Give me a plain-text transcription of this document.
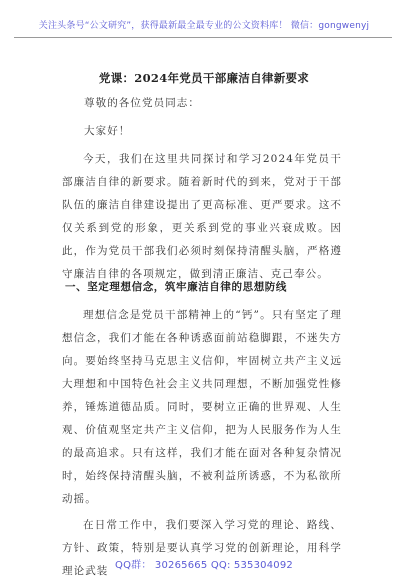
关注头条号“公文研究”，获得最新最全最专业的公文资料库！ 微信：gongwenyj
党课：2024年党员干部廉洁自律新要求
尊敬的各位党员同志：
大家好！
今天，我们在这里共同探讨和学习2024年党员干部廉洁自律的新要求。随着新时代的到来，党对于干部队伍的廉洁自律建设提出了更高标准、更严要求。这不仅关系到党的形象，更关系到党的事业兴衰成败。因此，作为党员干部我们必须时刻保持清醒头脑，严格遵守廉洁自律的各项规定，做到清正廉洁、克己奉公。
一、坚定理想信念，筑牢廉洁自律的思想防线
理想信念是党员干部精神上的“钙”。只有坚定了理想信念，我们才能在各种诱惑面前站稳脚跟，不迷失方向。要始终坚持马克思主义信仰，牢固树立共产主义远大理想和中国特色社会主义共同理想，不断加强党性修养，锤炼道德品质。同时，要树立正确的世界观、人生观、价值观坚定共产主义信仰，把为人民服务作为人生的最高追求。只有这样，我们才能在面对各种复杂情况时，始终保持清醒头脑，不被利益所诱惑，不为私欲所动摇。
在日常工作中，我们要深入学习党的理论、路线、方针、政策，特别是要认真学习党的创新理论，用科学理论武装 QQ群： 30265665 QQ: 535304092
